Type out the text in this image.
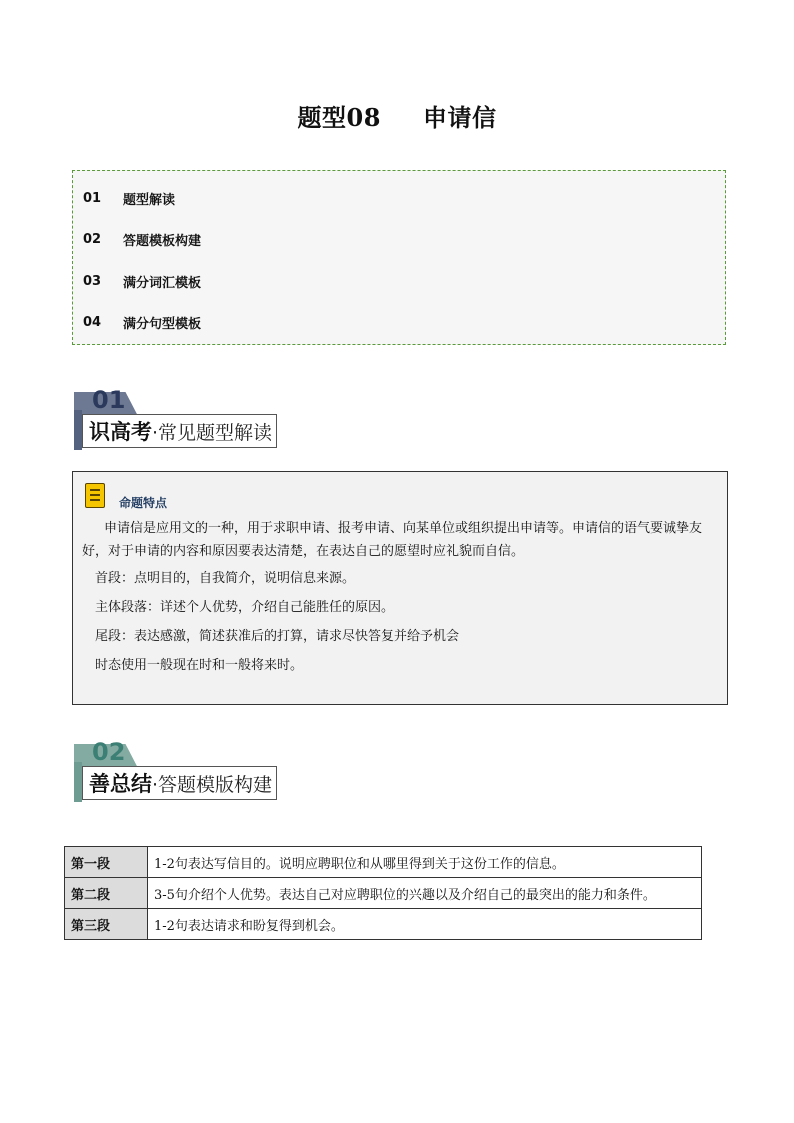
题型08 申请信
01	题型解读
02	答题模板构建
03	满分词汇模板
04	满分句型模板
01
识高考 ·常见题型解读
命题特点
申请信是应用文的一种，用于求职申请、报考申请、向某单位或组织提出申请等。申请信的语气要诚挚友好，对于申请的内容和原因要表达清楚，在表达自己的愿望时应礼貌而自信。
首段：点明目的，自我简介，说明信息来源。
主体段落：详述个人优势，介绍自己能胜任的原因。
尾段：表达感激，简述获准后的打算，请求尽快答复并给予机会
时态使用一般现在时和一般将来时。
02
善总结 ·答题模版构建
第一段	1-2句表达写信目的。说明应聘职位和从哪里得到关于这份工作的信息。
第二段	3-5句介绍个人优势。表达自己对应聘职位的兴趣以及介绍自己的最突出的能力和条件。
第三段	1-2句表达请求和盼复得到机会。
